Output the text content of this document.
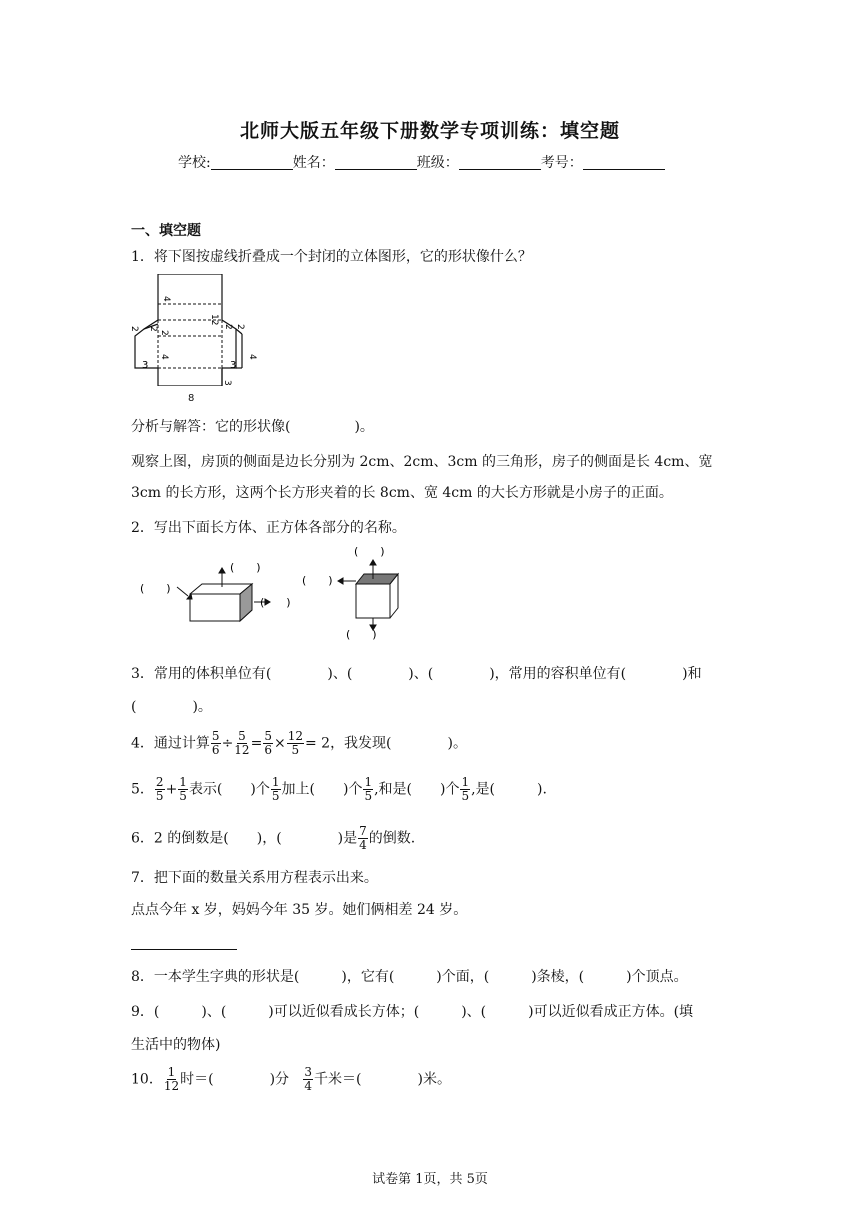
北师大版五年级下册数学专项训练：填空题
学校:	姓名：	班级：	考号：
一、填空题
1．将下图按虚线折叠成一个封闭的立体图形，它的形状像什么？
4
12
2 2
2
2 2
3
4
3
4
3
8
分析与解答：它的形状像(	)。
观察上图，房顶的侧面是边长分别为 2cm、2cm、3cm 的三角形，房子的侧面是长 4cm、宽
3cm 的长方形，这两个长方形夹着的长 8cm、宽 4cm 的大长方形就是小房子的正面。
2．写出下面长方体、正方体各部分的名称。
(　　)
(　　)
(　　)
(　　)
(　　)
(　　)
3．常用的体积单位有(　　　　)、(　　　　)、(　　　　)，常用的容积单位有(　　　　)和
(　　　　)。
4．通过计算 $\frac{5}{6} \div \frac{5}{12} = \frac{5}{6} \times \frac{12}{5} = 2$，我发现(　　　　)。
5． $\frac{2}{5} + \frac{1}{5}$ 表示(　　)个 $\frac{1}{5}$ 加上(　　)个 $\frac{1}{5}$ ,和是(　　)个 $\frac{1}{5}$ ,是(　　　).
6．2 的倒数是(　　)，(　　　　)是 $\frac{7}{4}$ 的倒数.
7．把下面的数量关系用方程表示出来。
点点今年 x 岁，妈妈今年 35 岁。她们俩相差 24 岁。
8．一本学生字典的形状是(　　　)，它有(　　　)个面，(　　　)条棱，(　　　)个顶点。
9．(　　　)、(　　　)可以近似看成长方体；(　　　)、(　　　)可以近似看成正方体。(填
生活中的物体)
10． $\frac{1}{12}$ 时＝(　　　　)分 $\frac{3}{4}$ 千米＝(　　　　)米。
试卷第 1页，共 5页
